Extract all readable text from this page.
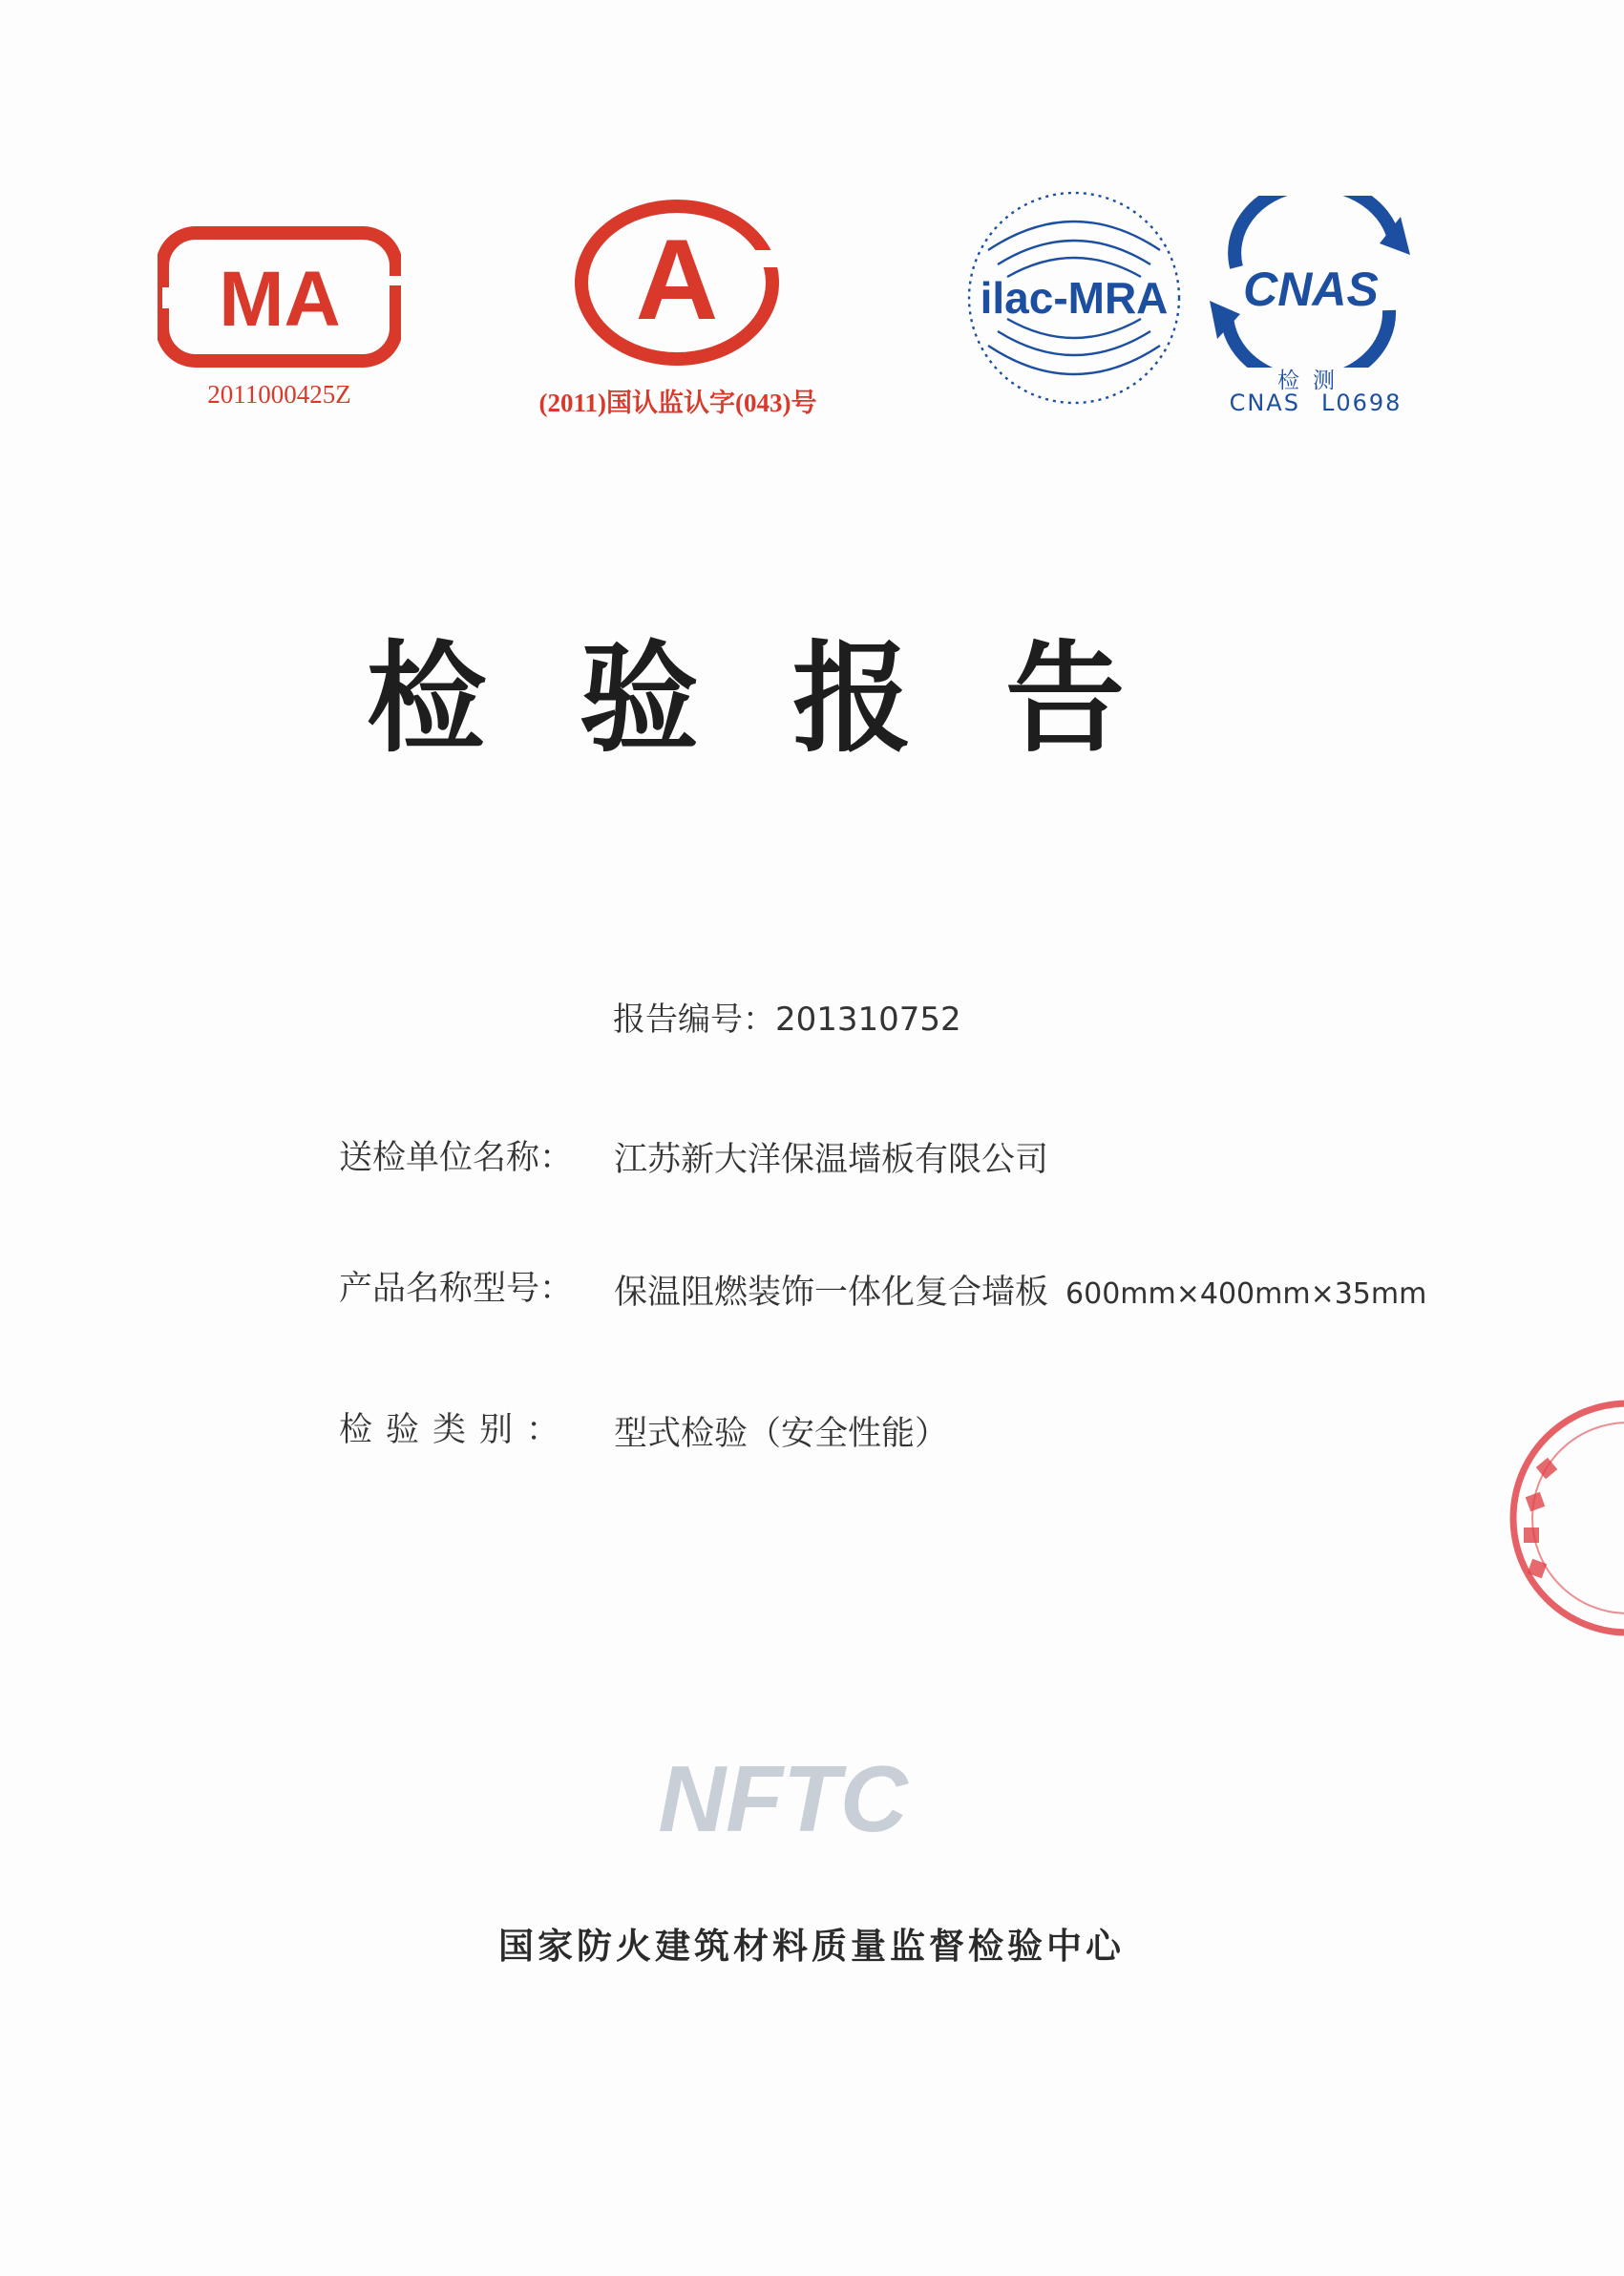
MA
2011000425Z
A
(2011)国认监认字(043)号
ilac-MRA CNAS
检测
CNAS L0698
检验报告
报告编号：201310752
送检单位名称： 江苏新大洋保温墙板有限公司
产品名称型号： 保温阻燃装饰一体化复合墙板 600mm×400mm×35mm
检验类别： 型式检验（安全性能）
NFTC
国家防火建筑材料质量监督检验中心
